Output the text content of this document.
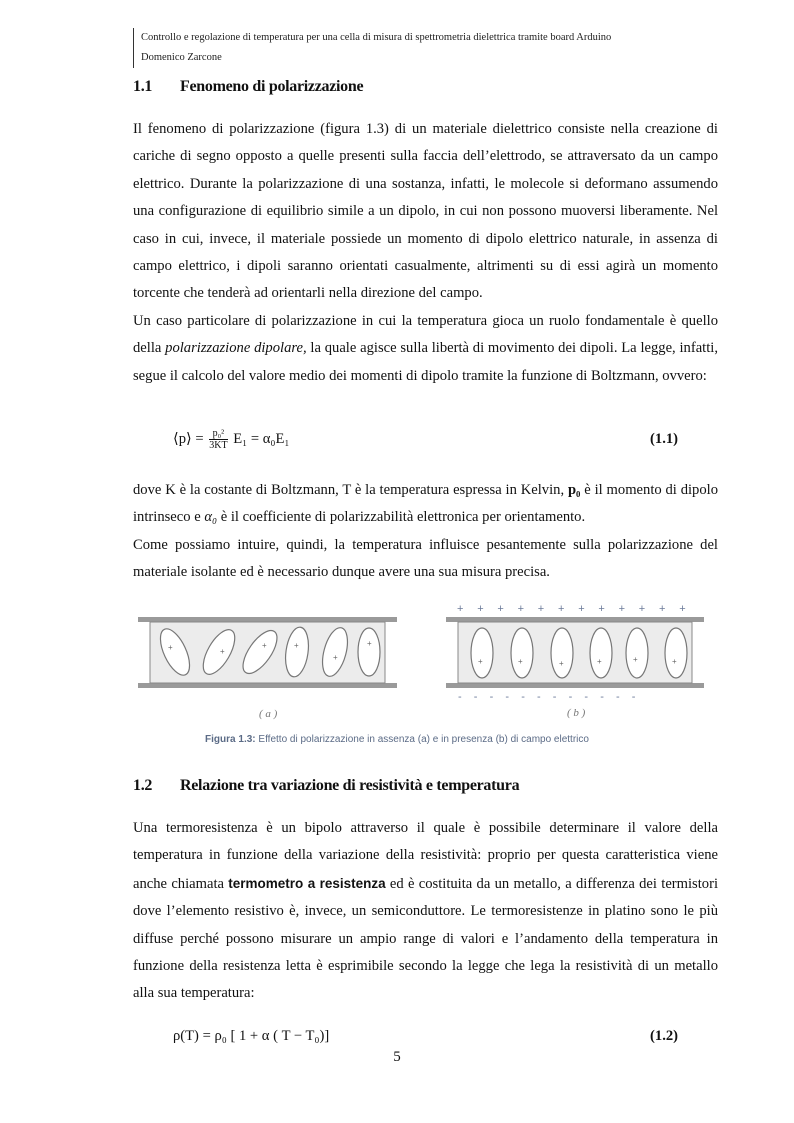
Controllo e regolazione di temperatura per una cella di misura di spettrometria dielettrica tramite board Arduino
Domenico Zarcone
1.1 Fenomeno di polarizzazione

Il fenomeno di polarizzazione (figura 1.3) di un materiale dielettrico consiste nella creazione di cariche di segno opposto a quelle presenti sulla faccia dell’elettrodo, se attraversato da un campo elettrico. Durante la polarizzazione di una sostanza, infatti, le molecole si deformano assumendo una configurazione di equilibrio simile a un dipolo, in cui non possono muoversi liberamente. Nel caso in cui, invece, il materiale possiede un momento di dipolo elettrico naturale, in assenza di campo elettrico, i dipoli saranno orientati casualmente, altrimenti su di essi agirà un momento torcente che tenderà ad orientarli nella direzione del campo.

Un caso particolare di polarizzazione in cui la temperatura gioca un ruolo fondamentale è quello della polarizzazione dipolare, la quale agisce sulla libertà di movimento dei dipoli. La legge, infatti, segue il calcolo del valore medio dei momenti di dipolo tramite la funzione di Boltzmann, ovvero:

⟨p⟩ = $\frac{\text{p₀²}}{3KT} E_1 = \alpha_0E_1$	(1.1)

dove K è la costante di Boltzmann, T è la temperatura espressa in Kelvin, p₀ è il momento di dipolo intrinseco e α₀ è il coefficiente di polarizzabilità elettronica per orientamento.

Come possiamo intuire, quindi, la temperatura influisce pesantemente sulla polarizzazione del materiale isolante ed è necessario dunque avere una sua misura precisa.

+	+
+	+
+
+
+	+	+	+	+	+
+ + + + + + + + + + + +
- - - - - - - - - - - -
( a )	( b )
Figura 1.3: Effetto di polarizzazione in assenza (a) e in presenza (b) di campo elettrico
1.2 Relazione tra variazione di resistività e temperatura

Una termoresistenza è un bipolo attraverso il quale è possibile determinare il valore della temperatura in funzione della variazione della resistività: proprio per questa caratteristica viene anche chiamata termometro a resistenza ed è costituita da un metallo, a differenza dei termistori dove l’elemento resistivo è, invece, un semiconduttore. Le termoresistenze in platino sono le più diffuse perché possono misurare un ampio range di valori e l’andamento della temperatura in funzione della resistenza letta è esprimibile secondo la legge che lega la resistività di un metallo alla sua temperatura:

ρ(T) = ρ₀ [ 1 + α ( T − T₀)]	(1.2)
5
